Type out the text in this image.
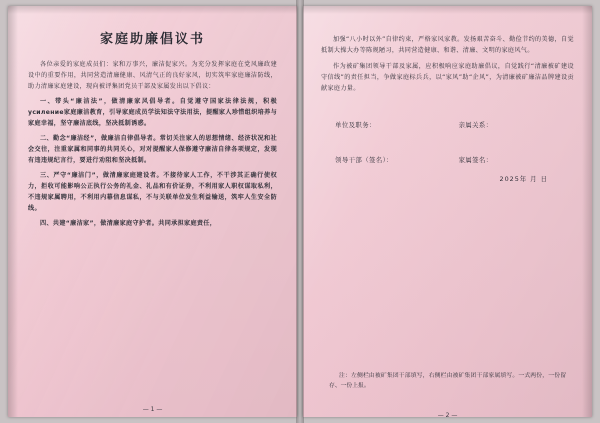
家庭助廉倡议书

各位亲爱的家庭成员们：家和万事兴，廉洁促家兴。为充分发挥家庭在党风廉政建设中的重要作用，共同营造清廉健康、风清气正的良好家风，切实筑牢家庭廉洁防线，助力清廉家庭建设，现向被评集团党员干部及家属发出以下倡议：

一、带头“廉洁法”，做清廉家风倡导者。自觉遵守国家法律法规，积极усиление家庭廉洁教育，引导家庭成员学法知法守法用法，提醒家人珍惜组织培养与家庭幸福，坚守廉洁底线，坚决抵制诱惑。

二、勤念“廉洁经”，做廉洁自律倡导者。常切关注家人的思想情绪、经济状况和社会交往，注重家属和同事的共同关心，对对提醒家人保修遵守廉洁自律各项规定，发现有违违规纪言行，要进行劝阻和坚决抵制。

三、严守“廉洁门”，做清廉家庭建设者。不接待家人工作，不干涉其正确行使权力，拒收可能影响公正执行公务的礼金、礼品和有价证券，不利用家人职权谋取私利，不违规家属聘用，不利用内幕信息谋私，不与关联单位发生利益输送，筑牢人生安全防线。

四、共建“廉洁家”，做清廉家庭守护者。共同承担家庭责任，

— 1 —

加强“八小时以外”自律约束，严格家风家教。发扬艰苦奋斗、勤俭节约的美德，自觉抵制大操大办等陈规陋习，共同营造健康、和谐、清廉、文明的家庭风气。

作为被矿集团领导干部及家属，应积极响应家庭助廉倡议，自觉践行“清廉被矿建设守信线”的责任担当，争做家庭标兵兵，以“家风”助“企风”，为清廉被矿廉洁品牌建设贡献家庭力量。

单位及职务：	亲属关系：
领导干部（签名）：	家属签名：
2025年 月 日
注：左侧栏由被矿集团干部填写，右侧栏由被矿集团干部家属填写。一式两份，一份留存、一份上报。
— 2 —
